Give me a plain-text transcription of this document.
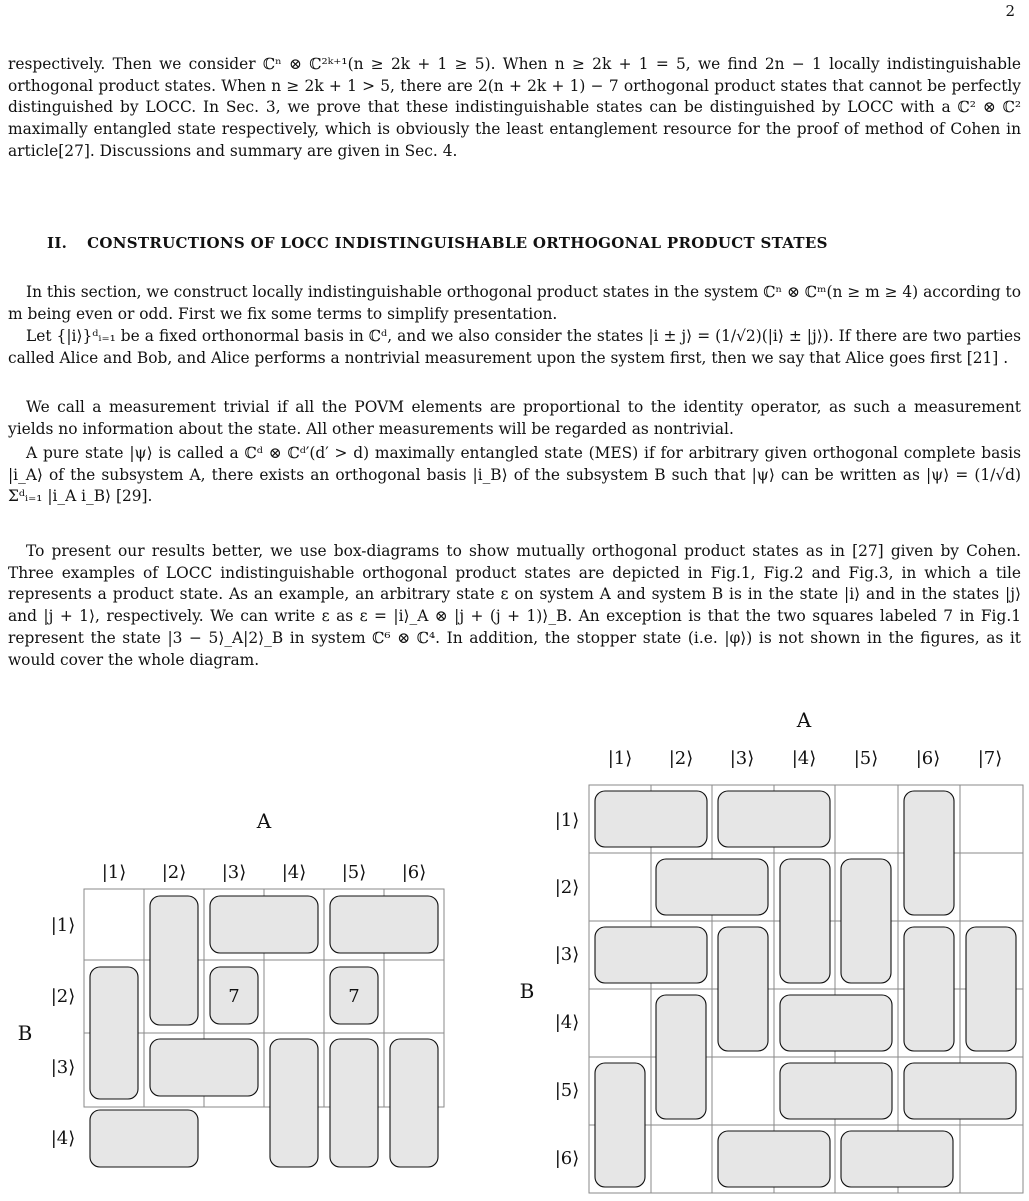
2

respectively. Then we consider ℂⁿ ⊗ ℂ²ᵏ⁺¹(n ≥ 2k + 1 ≥ 5). When n ≥ 2k + 1 = 5, we find 2n − 1 locally indistinguishable orthogonal product states. When n ≥ 2k + 1 > 5, there are 2(n + 2k + 1) − 7 orthogonal product states that cannot be perfectly distinguished by LOCC. In Sec. 3, we prove that these indistinguishable states can be distinguished by LOCC with a ℂ² ⊗ ℂ² maximally entangled state respectively, which is obviously the least entanglement resource for the proof of method of Cohen in article[27]. Discussions and summary are given in Sec. 4.

II. CONSTRUCTIONS OF LOCC INDISTINGUISHABLE ORTHOGONAL PRODUCT STATES

In this section, we construct locally indistinguishable orthogonal product states in the system ℂⁿ ⊗ ℂᵐ(n ≥ m ≥ 4) according to m being even or odd. First we fix some terms to simplify presentation.

Let {|i⟩}ᵈᵢ₌₁ be a fixed orthonormal basis in ℂᵈ, and we also consider the states |i ± j⟩ = (1/√2)(|i⟩ ± |j⟩). If there are two parties called Alice and Bob, and Alice performs a nontrivial measurement upon the system first, then we say that Alice goes first [21] .

We call a measurement trivial if all the POVM elements are proportional to the identity operator, as such a measurement yields no information about the state. All other measurements will be regarded as nontrivial.

A pure state |ψ⟩ is called a ℂᵈ ⊗ ℂᵈ′(d′ > d) maximally entangled state (MES) if for arbitrary given orthogonal complete basis |i_A⟩ of the subsystem A, there exists an orthogonal basis |i_B⟩ of the subsystem B such that |ψ⟩ can be written as |ψ⟩ = (1/√d) Σᵈᵢ₌₁ |i_A i_B⟩ [29].

To present our results better, we use box-diagrams to show mutually orthogonal product states as in [27] given by Cohen. Three examples of LOCC indistinguishable orthogonal product states are depicted in Fig.1, Fig.2 and Fig.3, in which a tile represents a product state. As an example, an arbitrary state ε on system A and system B is in the state |i⟩ and in the states |j⟩ and |j + 1⟩, respectively. We can write ε as ε = |i⟩_A ⊗ |j + (j + 1)⟩_B. An exception is that the two squares labeled 7 in Fig.1 represent the state |3 − 5⟩_A|2⟩_B in system ℂ⁶ ⊗ ℂ⁴. In addition, the stopper state (i.e. |φ⟩) is not shown in the figures, as it would cover the whole diagram.

A
B
|1⟩ |2⟩ |3⟩ |4⟩ |5⟩ |6⟩
|1⟩
|2⟩
|3⟩
|4⟩
7	7
A
B
|1⟩ |2⟩ |3⟩ |4⟩ |5⟩ |6⟩ |7⟩
|1⟩
|2⟩
|3⟩
|4⟩
|5⟩
|6⟩
